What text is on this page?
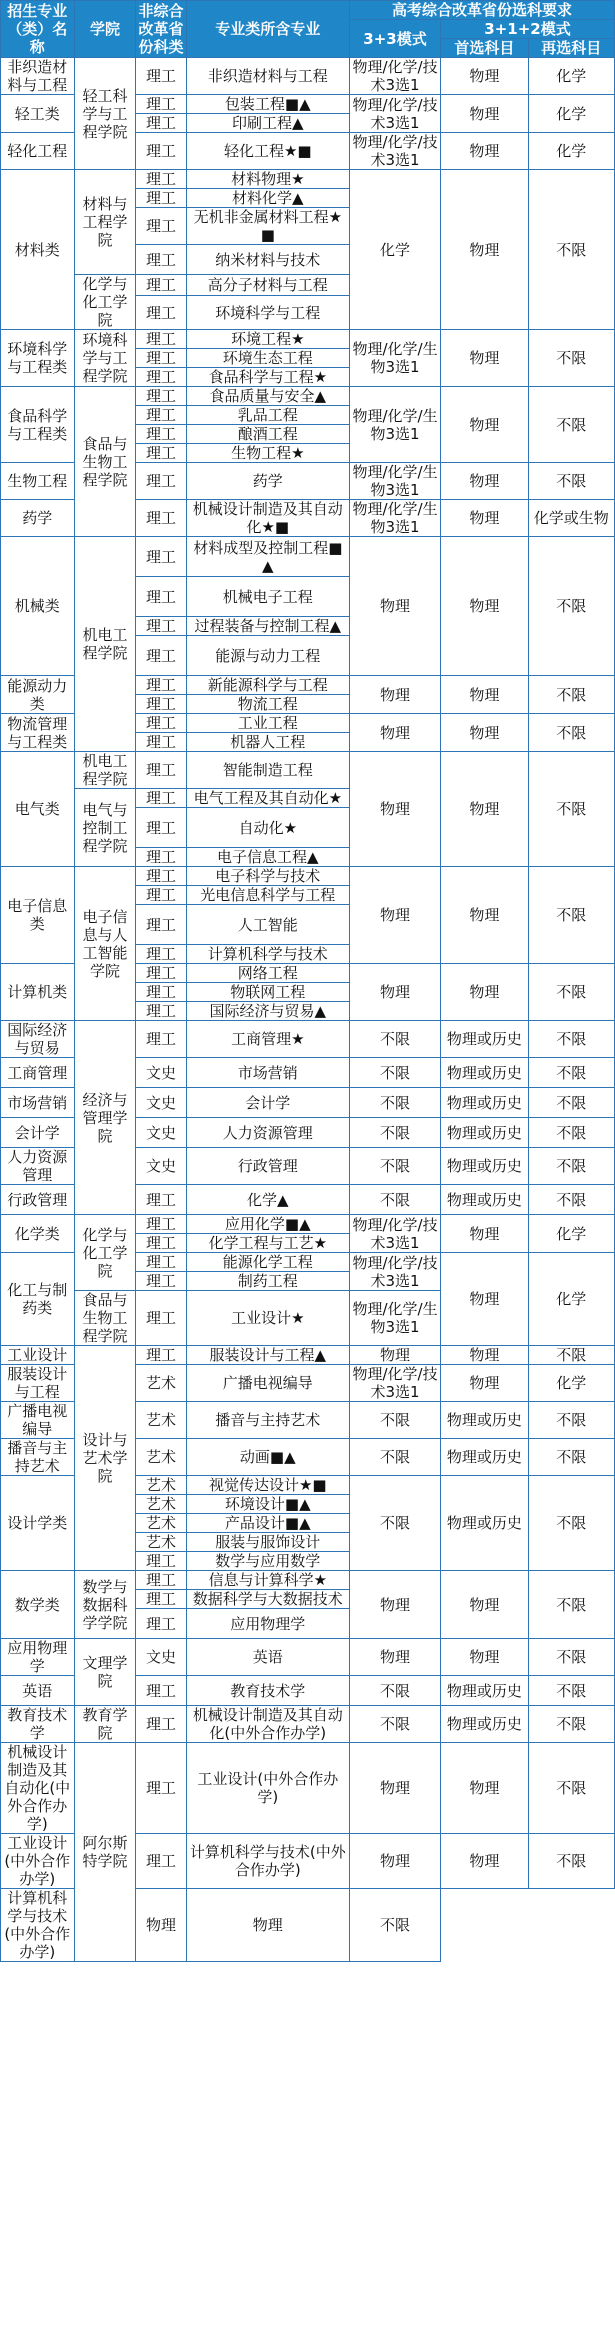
招生专业（类）名称	学院	非综合改革省份科类	专业类所含专业	高考综合改革省份选科要求		
				3+3模式	3+1+2模式	
					首选科目	再选科目
非织造材料与工程	轻工科学与工程学院	理工	非织造材料与工程	物理/化学/技术3选1	物理	化学
轻工类		理工	包装工程■▲	物理/化学/技术3选1	物理	化学
		理工	印刷工程▲			
轻化工程		理工	轻化工程★■	物理/化学/技术3选1	物理	化学
材料类	材料与工程学院	理工	材料物理★	化学	物理	不限
		理工	材料化学▲			
		理工	无机非金属材料工程★■			
		理工	纳米材料与技术			
	化学与化工学院	理工	高分子材料与工程			
		理工	环境科学与工程			
环境科学与工程类	环境科学与工程学院	理工	环境工程★	物理/化学/生物3选1	物理	不限
		理工	环境生态工程			
		理工	食品科学与工程★			
食品科学与工程类	食品与生物工程学院	理工	食品质量与安全▲	物理/化学/生物3选1	物理	不限
		理工	乳品工程			
		理工	酿酒工程			
		理工	生物工程★			
生物工程		理工	药学	物理/化学/生物3选1	物理	不限
药学		理工	机械设计制造及其自动化★■	物理/化学/生物3选1	物理	化学或生物
机械类	机电工程学院	理工	材料成型及控制工程■▲	物理	物理	不限
		理工	机械电子工程			
		理工	过程装备与控制工程▲			
		理工	能源与动力工程			
能源动力类		理工	新能源科学与工程	物理	物理	不限
		理工	物流工程			
物流管理与工程类		理工	工业工程	物理	物理	不限
		理工	机器人工程			
电气类	机电工程学院	理工	智能制造工程	物理	物理	不限
	电气与控制工程学院	理工	电气工程及其自动化★			
		理工	自动化★			
		理工	电子信息工程▲			
电子信息类	电子信息与人工智能学院	理工	电子科学与技术	物理	物理	不限
		理工	光电信息科学与工程			
		理工	人工智能			
		理工	计算机科学与技术			
计算机类		理工	网络工程	物理	物理	不限
		理工	物联网工程			
		理工	国际经济与贸易▲			
国际经济与贸易	经济与管理学院	理工	工商管理★	不限	物理或历史	不限
工商管理		文史	市场营销	不限	物理或历史	不限
市场营销		文史	会计学	不限	物理或历史	不限
会计学		文史	人力资源管理	不限	物理或历史	不限
人力资源管理		文史	行政管理	不限	物理或历史	不限
行政管理		理工	化学▲	不限	物理或历史	不限
化学类	化学与化工学院	理工	应用化学■▲	物理/化学/技术3选1	物理	化学
		理工	化学工程与工艺★			
化工与制药类		理工	能源化学工程	物理/化学/技术3选1	物理	化学
		理工	制药工程			
	食品与生物工程学院	理工	工业设计★	物理/化学/生物3选1		
工业设计	设计与艺术学院	理工	服装设计与工程▲	物理	物理	不限
服装设计与工程		艺术	广播电视编导	物理/化学/技术3选1	物理	化学
广播电视编导		艺术	播音与主持艺术	不限	物理或历史	不限
播音与主持艺术		艺术	动画■▲	不限	物理或历史	不限
设计学类		艺术	视觉传达设计★■	不限	物理或历史	不限
		艺术	环境设计■▲			
		艺术	产品设计■▲			
		艺术	服装与服饰设计			
		理工	数学与应用数学			
数学类	数学与数据科学学院	理工	信息与计算科学★	物理	物理	不限
		理工	数据科学与大数据技术			
		理工	应用物理学			
应用物理学	文理学院	文史	英语	物理	物理	不限
英语		理工	教育技术学	不限	物理或历史	不限
教育技术学	教育学院	理工	机械设计制造及其自动化(中外合作办学)	不限	物理或历史	不限
机械设计制造及其自动化(中外合作办学)	阿尔斯特学院	理工	工业设计(中外合作办学)	物理	物理	不限
工业设计(中外合作办学)		理工	计算机科学与技术(中外合作办学)	物理	物理	不限
计算机科学与技术(中外合作办学)		物理	物理	不限		
